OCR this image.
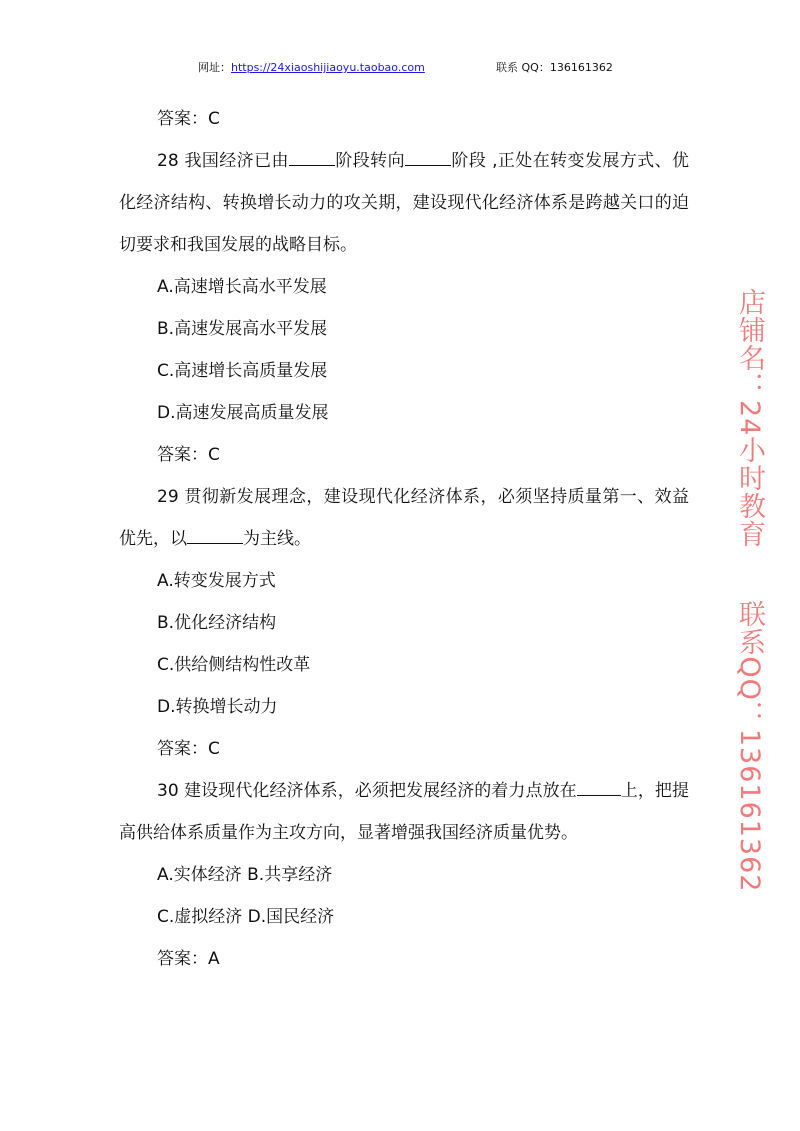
网址：https://24xiaoshijiaoyu.taobao.com	联系 QQ：136161362

答案：C

28 我国经济已由	阶段转向	阶段 ,正处在转变发展方式、优化经济结构、转换增长动力的攻关期，建设现代化经济体系是跨越关口的迫切要求和我国发展的战略目标。

A.高速增长高水平发展

B.高速发展高水平发展

C.高速增长高质量发展

D.高速发展高质量发展

答案：C

29 贯彻新发展理念，建设现代化经济体系，必须坚持质量第一、效益优先，以	为主线。

A.转变发展方式

B.优化经济结构

C.供给侧结构性改革

D.转换增长动力

答案：C

30 建设现代化经济体系，必须把发展经济的着力点放在	上，把提高供给体系质量作为主攻方向，显著增强我国经济质量优势。

A.实体经济 B.共享经济

C.虚拟经济 D.国民经济

答案：A

店铺名：24小时教育联系QQ：136161362
